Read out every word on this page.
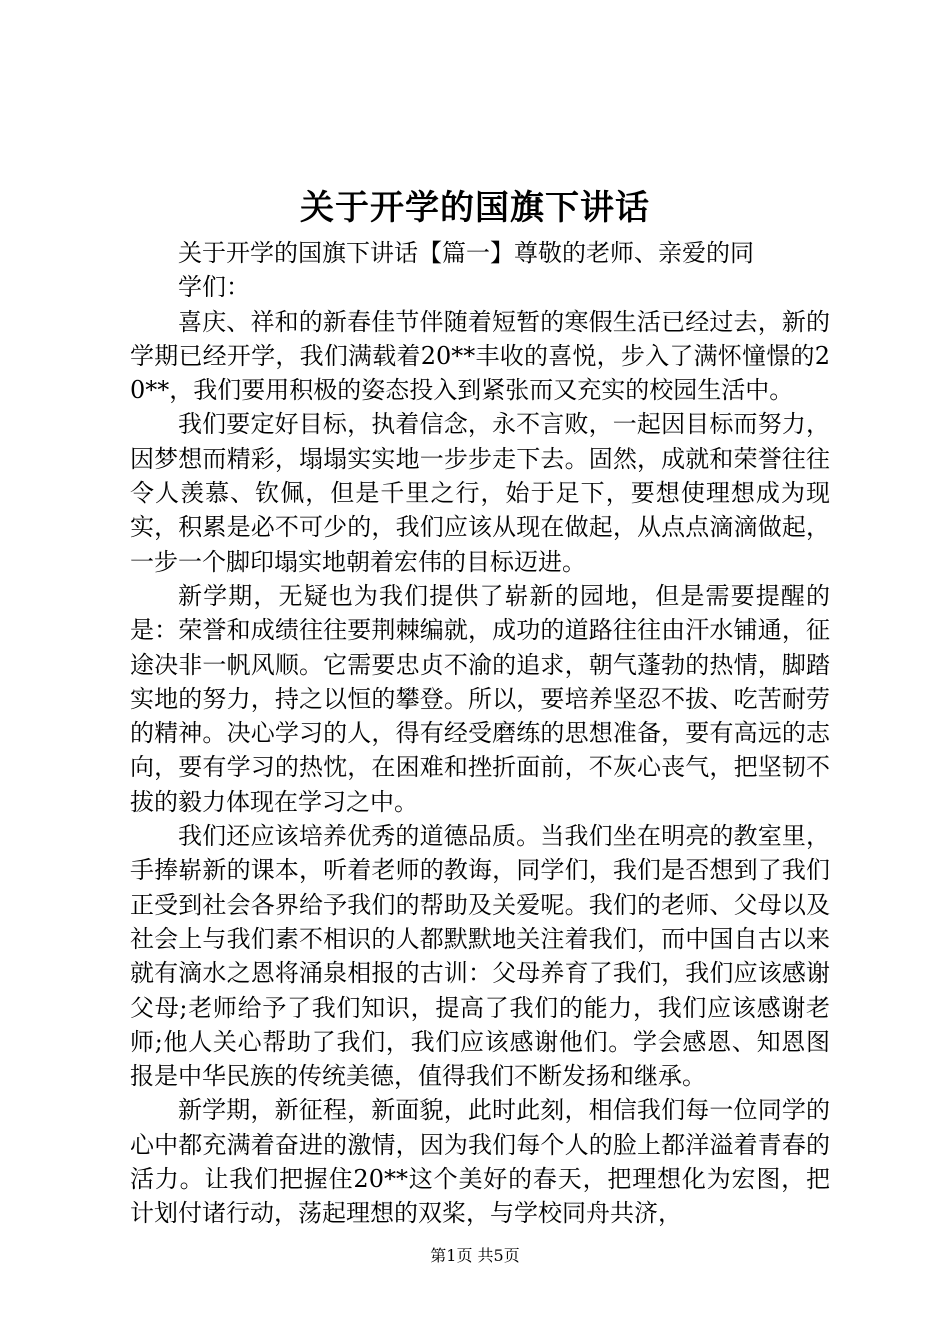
关于开学的国旗下讲话

关于开学的国旗下讲话【篇一】尊敬的老师、亲爱的同学们：

喜庆、祥和的新春佳节伴随着短暂的寒假生活已经过去，新的学期已经开学，我们满载着20**丰收的喜悦，步入了满怀憧憬的20**，我们要用积极的姿态投入到紧张而又充实的校园生活中。

我们要定好目标，执着信念，永不言败，一起因目标而努力，因梦想而精彩，塌塌实实地一步步走下去。固然，成就和荣誉往往令人羡慕、钦佩，但是千里之行，始于足下，要想使理想成为现实，积累是必不可少的，我们应该从现在做起，从点点滴滴做起，一步一个脚印塌实地朝着宏伟的目标迈进。

新学期，无疑也为我们提供了崭新的园地，但是需要提醒的是：荣誉和成绩往往要荆棘编就，成功的道路往往由汗水铺通，征途决非一帆风顺。它需要忠贞不渝的追求，朝气蓬勃的热情，脚踏实地的努力，持之以恒的攀登。所以，要培养坚忍不拔、吃苦耐劳的精神。决心学习的人，得有经受磨练的思想准备，要有高远的志向，要有学习的热忱，在困难和挫折面前，不灰心丧气，把坚韧不拔的毅力体现在学习之中。

我们还应该培养优秀的道德品质。当我们坐在明亮的教室里，手捧崭新的课本，听着老师的教诲，同学们，我们是否想到了我们正受到社会各界给予我们的帮助及关爱呢。我们的老师、父母以及社会上与我们素不相识的人都默默地关注着我们，而中国自古以来就有滴水之恩将涌泉相报的古训：父母养育了我们，我们应该感谢父母;老师给予了我们知识，提高了我们的能力，我们应该感谢老师;他人关心帮助了我们，我们应该感谢他们。学会感恩、知恩图报是中华民族的传统美德，值得我们不断发扬和继承。

新学期，新征程，新面貌，此时此刻，相信我们每一位同学的心中都充满着奋进的激情，因为我们每个人的脸上都洋溢着青春的活力。让我们把握住20**这个美好的春天，把理想化为宏图，把计划付诸行动，荡起理想的双桨，与学校同舟共济，

第1页 共5页
